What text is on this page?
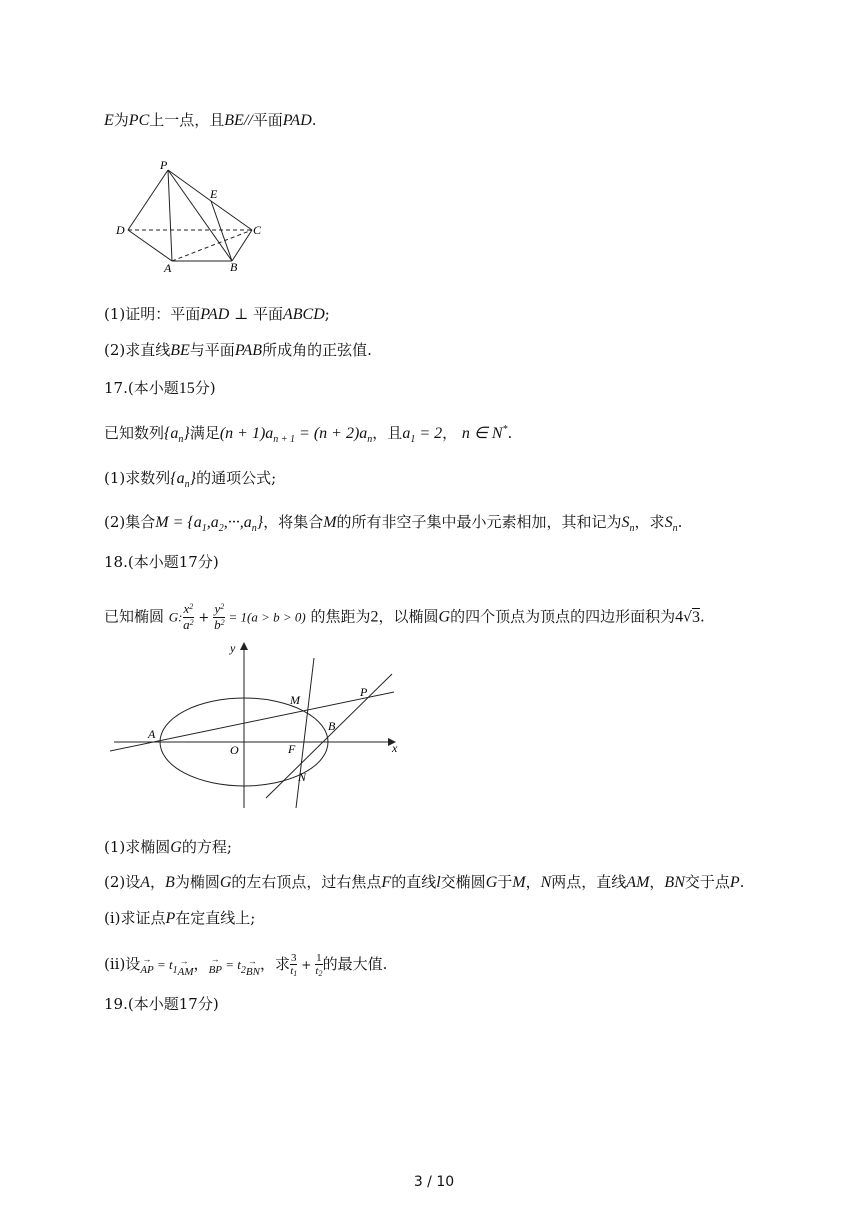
E为PC上一点，且BE//平面PAD.
P
E
D	C
A	B
(1)证明：平面PAD ⊥ 平面ABCD;
(2)求直线BE与平面PAB所成角的正弦值.
17.(本小题15分)
已知数列$\{a_n\}$满足$(n + 1)a_{n + 1} = (n + 2)a_n$，且$a_1 = 2$， n ∈ N*.
(1)求数列$\{a_n\}$的通项公式;
(2)集合$M = \{a_1,a_2,\cdot\cdot\cdot,a_n\}$，将集合M的所有非空子集中最小元素相加，其和记为$S_n$，求$S_n$.
18.(本小题17分)
已知椭圆 G: $\frac{x^2}{a^2} + \frac{y^2}{b^2} = 1(a > b > 0)$ 的焦距为2，以椭圆G的四个顶点为顶点的四边形面积为4√3.
y
x
A
B
O	F
M
N
P
(1)求椭圆G的方程;
(2)设A，B为椭圆G的左右顶点，过右焦点F的直线l交椭圆G于M，N两点，直线AM，BN交于点P.
(i)求证点P在定直线上;
(ii)设→ AP = $t_1\to$ AM，→ BP = $t_2\to$ BN，求 $\frac{3}{t1} + \frac{1}{t2}$ 的最大值.
19.(本小题17分)
3 / 10
